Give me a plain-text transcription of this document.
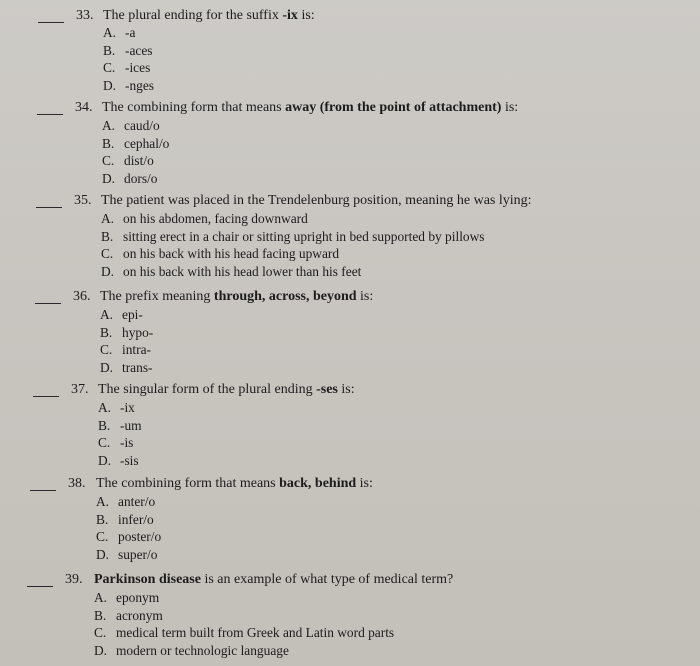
33. The plural ending for the suffix -ix is:
A. -a
B. -aces
C. -ices
D. -nges
34. The combining form that means away (from the point of attachment) is:
A. caud/o
B. cephal/o
C. dist/o
D. dors/o
35. The patient was placed in the Trendelenburg position, meaning he was lying:
A. on his abdomen, facing downward
B. sitting erect in a chair or sitting upright in bed supported by pillows
C. on his back with his head facing upward
D. on his back with his head lower than his feet
36. The prefix meaning through, across, beyond is:
A. epi-
B. hypo-
C. intra-
D. trans-
37. The singular form of the plural ending -ses is:
A. -ix
B. -um
C. -is
D. -sis
38. The combining form that means back, behind is:
A. anter/o
B. infer/o
C. poster/o
D. super/o
39. Parkinson disease is an example of what type of medical term?
A. eponym
B. acronym
C. medical term built from Greek and Latin word parts
D. modern or technologic language
